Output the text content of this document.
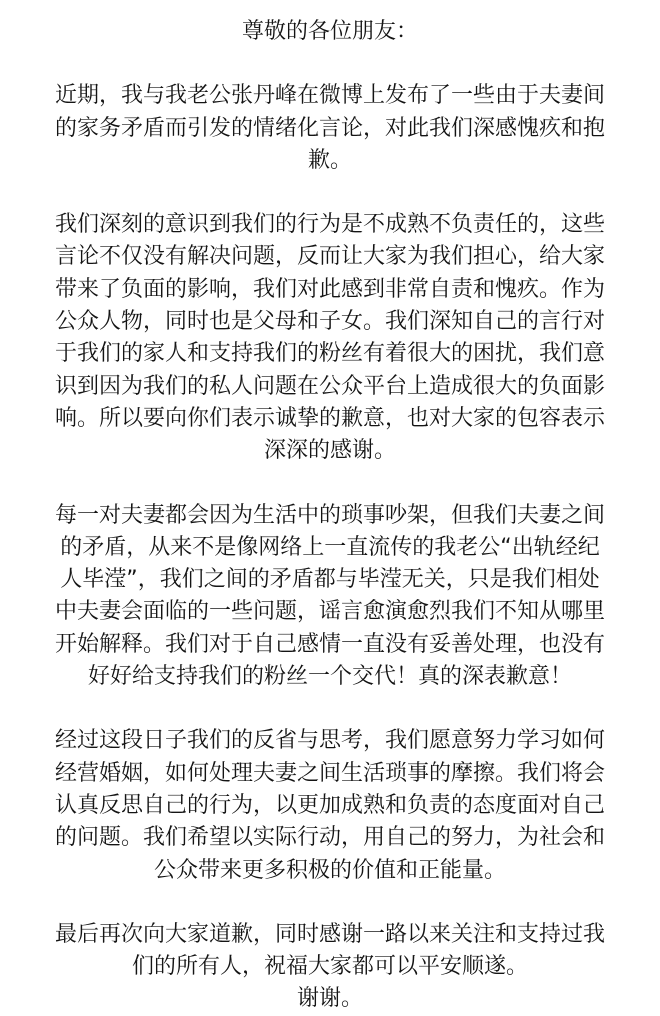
尊敬的各位朋友：

近期，我与我老公张丹峰在微博上发布了一些由于夫妻间
的家务矛盾而引发的情绪化言论，对此我们深感愧疚和抱
歉。

我们深刻的意识到我们的行为是不成熟不负责任的，这些
言论不仅没有解决问题，反而让大家为我们担心，给大家
带来了负面的影响，我们对此感到非常自责和愧疚。作为
公众人物，同时也是父母和子女。我们深知自己的言行对
于我们的家人和支持我们的粉丝有着很大的困扰，我们意
识到因为我们的私人问题在公众平台上造成很大的负面影
响。所以要向你们表示诚挚的歉意，也对大家的包容表示
深深的感谢。

每一对夫妻都会因为生活中的琐事吵架，但我们夫妻之间
的矛盾，从来不是像网络上一直流传的我老公“出轨经纪
人毕滢”，我们之间的矛盾都与毕滢无关，只是我们相处
中夫妻会面临的一些问题，谣言愈演愈烈我们不知从哪里
开始解释。我们对于自己感情一直没有妥善处理，也没有
好好给支持我们的粉丝一个交代！真的深表歉意！

经过这段日子我们的反省与思考，我们愿意努力学习如何
经营婚姻，如何处理夫妻之间生活琐事的摩擦。我们将会
认真反思自己的行为，以更加成熟和负责的态度面对自己
的问题。我们希望以实际行动，用自己的努力，为社会和
公众带来更多积极的价值和正能量。

最后再次向大家道歉，同时感谢一路以来关注和支持过我
们的所有人，祝福大家都可以平安顺遂。

谢谢。
